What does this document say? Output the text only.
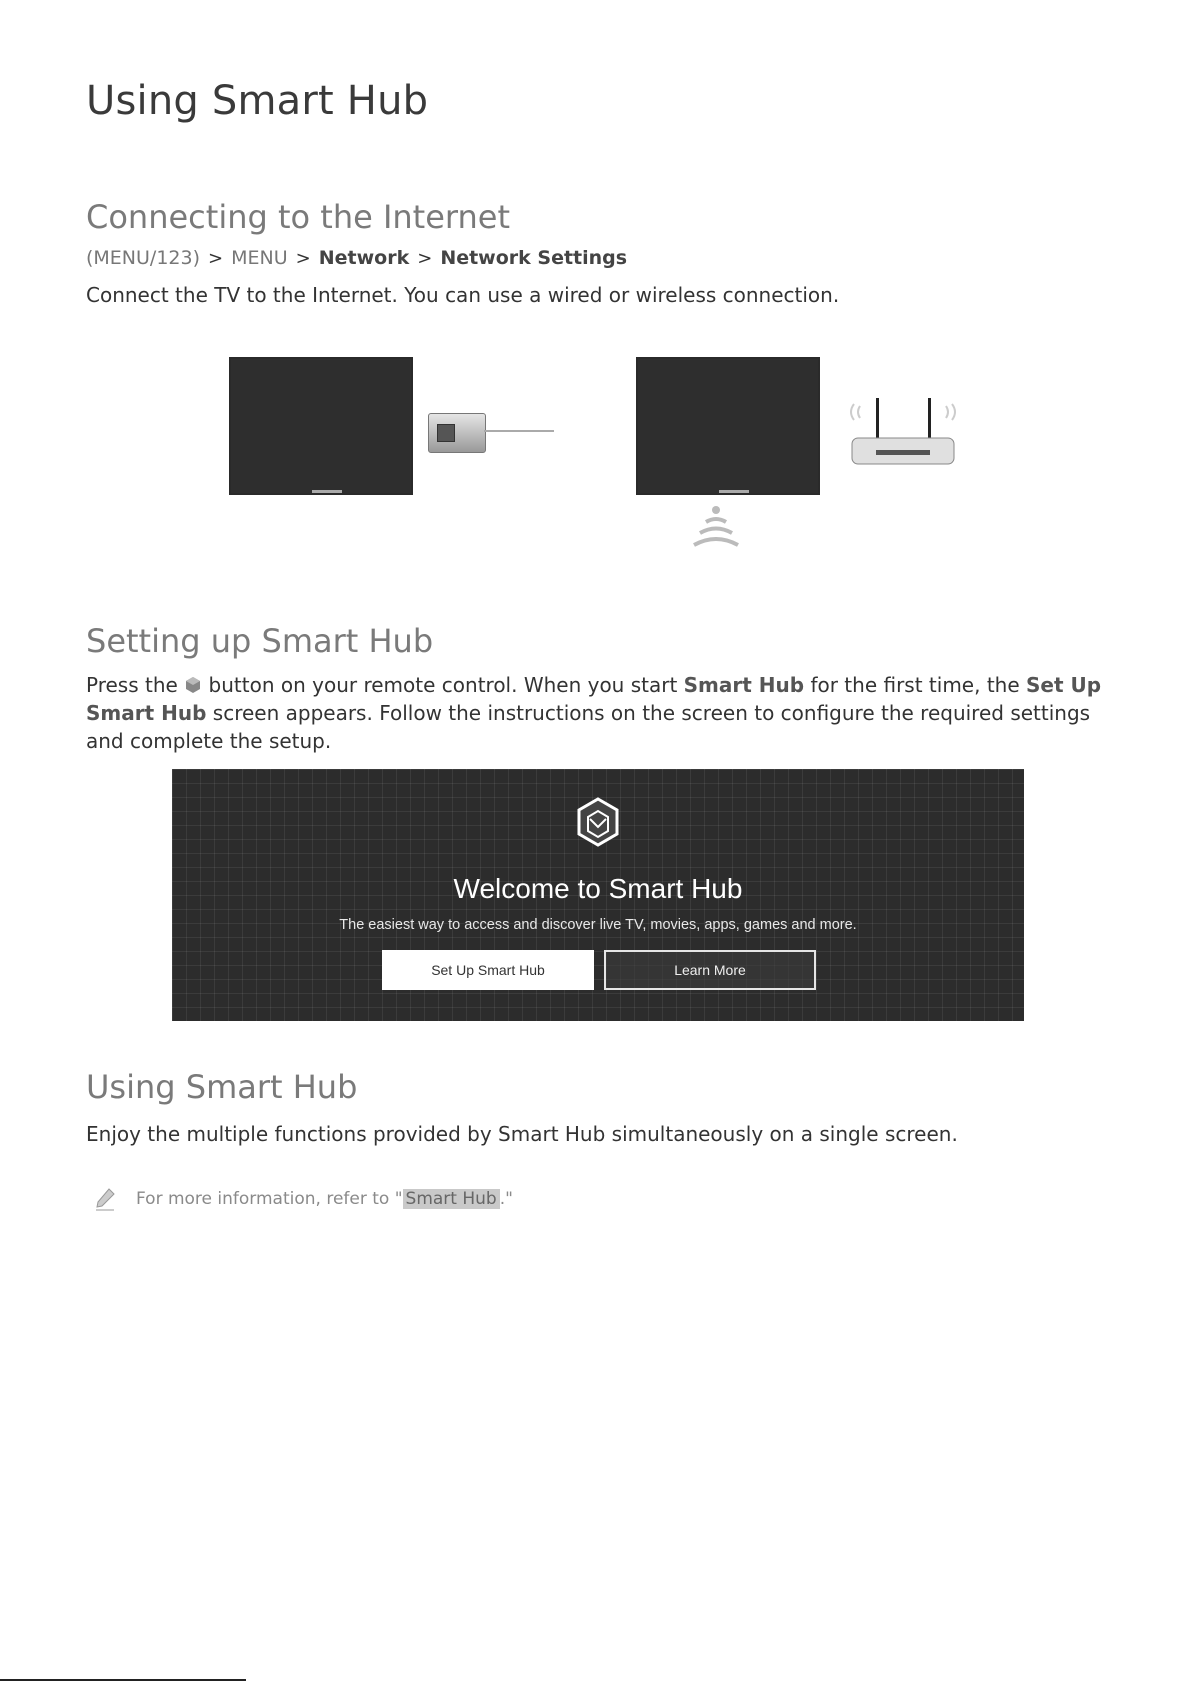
Using Smart Hub
Connecting to the Internet
(MENU/123) > MENU > Network > Network Settings

Connect the TV to the Internet. You can use a wired or wireless connection.

Setting up Smart Hub

Press the button on your remote control. When you start Smart Hub for the first time, the Set Up Smart Hub screen appears. Follow the instructions on the screen to configure the required settings and complete the setup.

Welcome to Smart Hub
The easiest way to access and discover live TV, movies, apps, games and more.
Set Up Smart Hub	Learn More
Using Smart Hub

Enjoy the multiple functions provided by Smart Hub simultaneously on a single screen.

For more information, refer to " Smart Hub ."
